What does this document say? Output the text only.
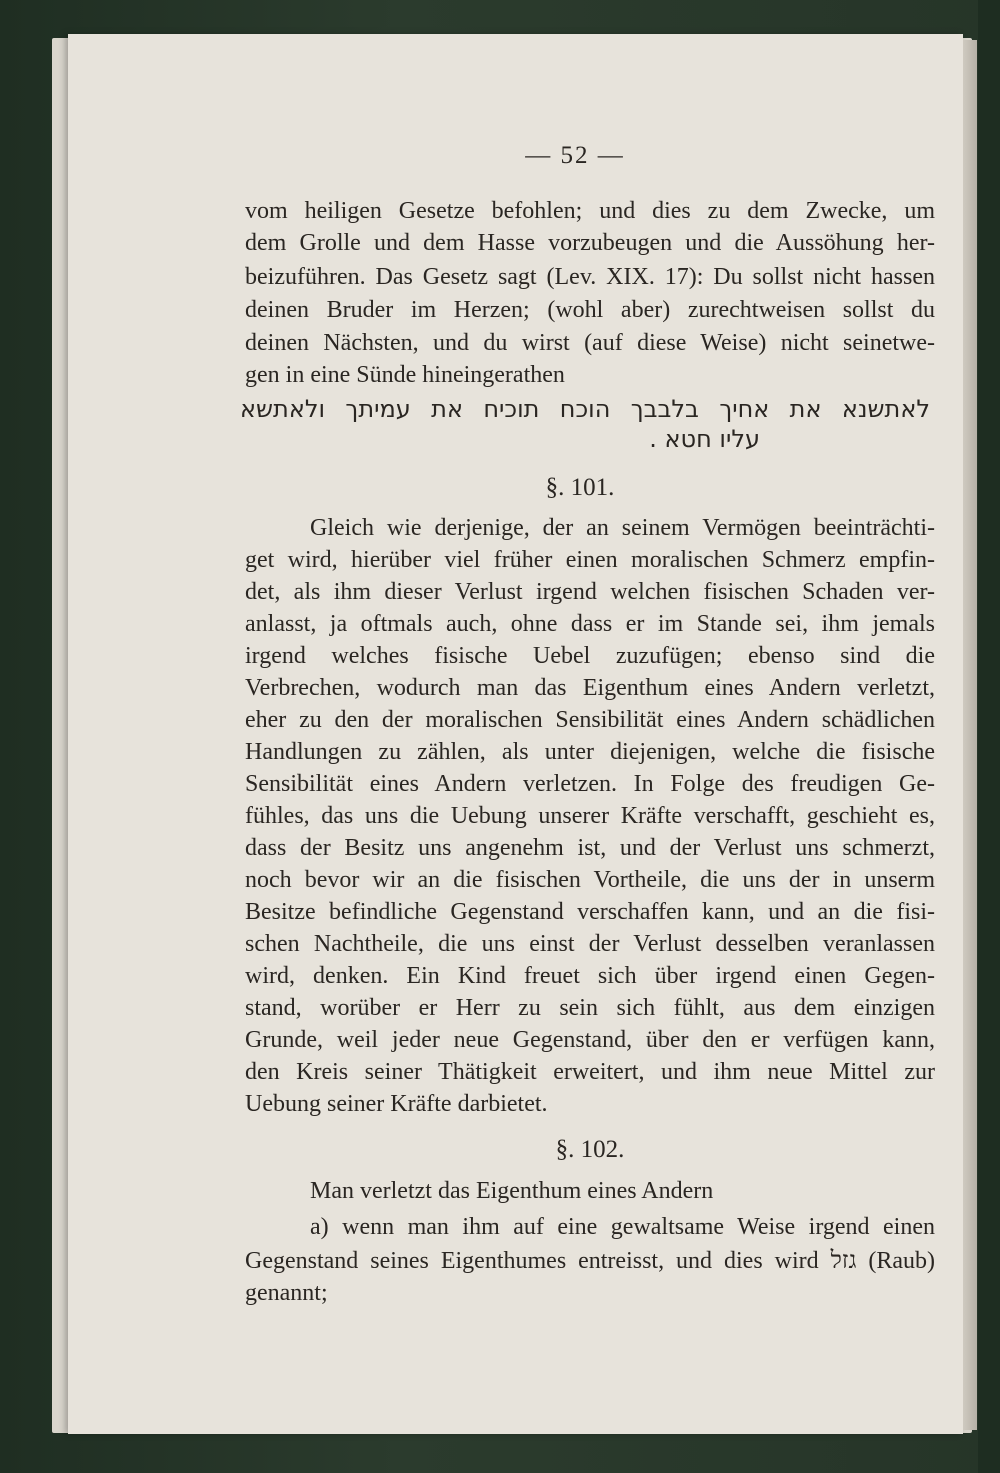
— 52 —
vom heiligen Gesetze befohlen; und dies zu dem Zwecke, um
dem Grolle und dem Hasse vorzubeugen und die Aussöhung her-
beizuführen. Das Gesetz sagt (Lev. XIX. 17): Du sollst nicht hassen
deinen Bruder im Herzen; (wohl aber) zurechtweisen sollst du
deinen Nächsten, und du wirst (auf diese Weise) nicht seinetwe-
gen in eine Sünde hineingerathen
לאתשנא את אחיך בלבבך הוכח תוכיח את עמיתך ולאתשא
עליו חטא .
§. 101.
Gleich wie derjenige, der an seinem Vermögen beeinträchti-
get wird, hierüber viel früher einen moralischen Schmerz empfin-
det, als ihm dieser Verlust irgend welchen fisischen Schaden ver-
anlasst, ja oftmals auch, ohne dass er im Stande sei, ihm jemals
irgend welches fisische Uebel zuzufügen; ebenso sind die
Verbrechen, wodurch man das Eigenthum eines Andern verletzt,
eher zu den der moralischen Sensibilität eines Andern schädlichen
Handlungen zu zählen, als unter diejenigen, welche die fisische
Sensibilität eines Andern verletzen. In Folge des freudigen Ge-
fühles, das uns die Uebung unserer Kräfte verschafft, geschieht es,
dass der Besitz uns angenehm ist, und der Verlust uns schmerzt,
noch bevor wir an die fisischen Vortheile, die uns der in unserm
Besitze befindliche Gegenstand verschaffen kann, und an die fisi-
schen Nachtheile, die uns einst der Verlust desselben veranlassen
wird, denken. Ein Kind freuet sich über irgend einen Gegen-
stand, worüber er Herr zu sein sich fühlt, aus dem einzigen
Grunde, weil jeder neue Gegenstand, über den er verfügen kann,
den Kreis seiner Thätigkeit erweitert, und ihm neue Mittel zur
Uebung seiner Kräfte darbietet.
§. 102.
Man verletzt das Eigenthum eines Andern
a) wenn man ihm auf eine gewaltsame Weise irgend einen
Gegenstand seines Eigenthumes entreisst, und dies wird גזל (Raub)
genannt;
